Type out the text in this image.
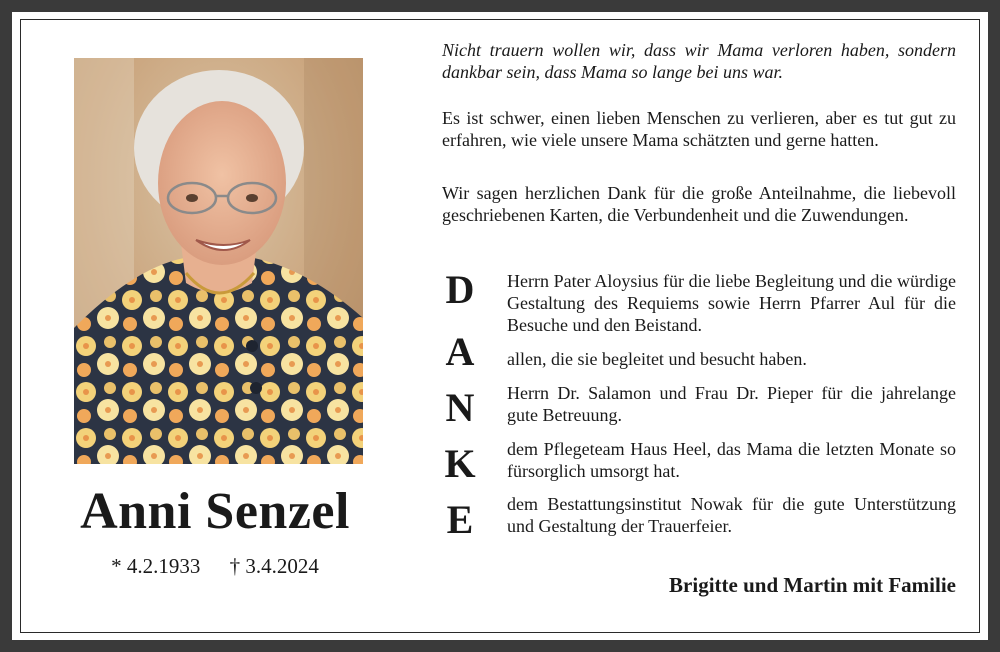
Anni Senzel
* 4.2.1933 † 3.4.2024
Nicht trauern wollen wir, dass wir Mama verloren haben, sondern dankbar sein, dass Mama so lange bei uns war.
Es ist schwer, einen lieben Menschen zu verlieren, aber es tut gut zu erfahren, wie viele unsere Mama schätzten und gerne hatten.
Wir sagen herzlichen Dank für die große Anteilnahme, die liebevoll geschriebenen Karten, die Verbundenheit und die Zuwendungen.
D Herrn Pater Aloysius für die liebe Begleitung und die würdige Gestaltung des Requiems sowie Herrn Pfarrer Aul für die Besuche und den Beistand.
A allen, die sie begleitet und besucht haben.
N Herrn Dr. Salamon und Frau Dr. Pieper für die jahrelange gute Betreuung.
K dem Pflegeteam Haus Heel, das Mama die letzten Monate so fürsorglich umsorgt hat.
E dem Bestattungsinstitut Nowak für die gute Unterstützung und Gestaltung der Trauerfeier.
Brigitte und Martin mit Familie
